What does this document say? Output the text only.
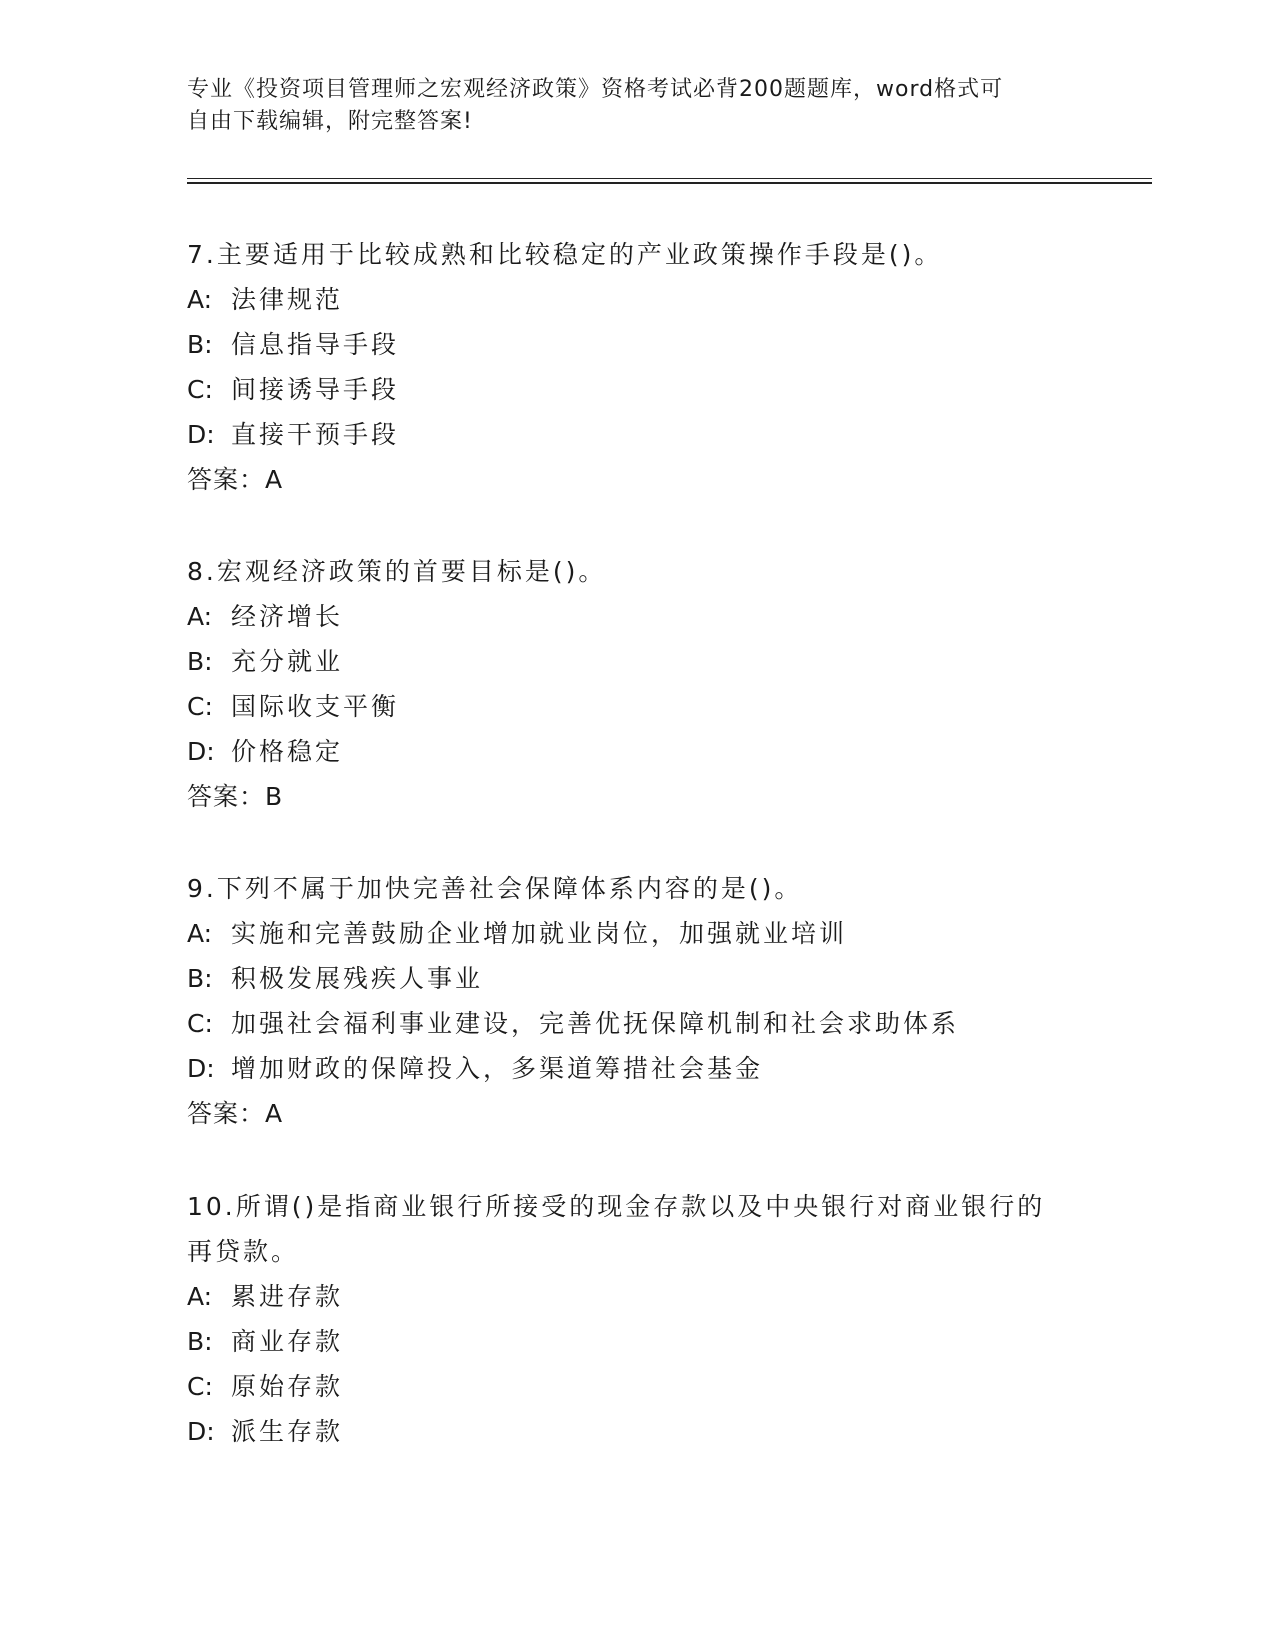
专业《投资项目管理师之宏观经济政策》资格考试必背200题题库，word格式可
自由下载编辑，附完整答案!
7.主要适用于比较成熟和比较稳定的产业政策操作手段是()。
A: 法律规范
B: 信息指导手段
C: 间接诱导手段
D: 直接干预手段
答案：A
8.宏观经济政策的首要目标是()。
A: 经济增长
B: 充分就业
C: 国际收支平衡
D: 价格稳定
答案：B
9.下列不属于加快完善社会保障体系内容的是()。
A: 实施和完善鼓励企业增加就业岗位，加强就业培训
B: 积极发展残疾人事业
C: 加强社会福利事业建设，完善优抚保障机制和社会求助体系
D: 增加财政的保障投入，多渠道筹措社会基金
答案：A
10.所谓()是指商业银行所接受的现金存款以及中央银行对商业银行的
再贷款。
A: 累进存款
B: 商业存款
C: 原始存款
D: 派生存款
